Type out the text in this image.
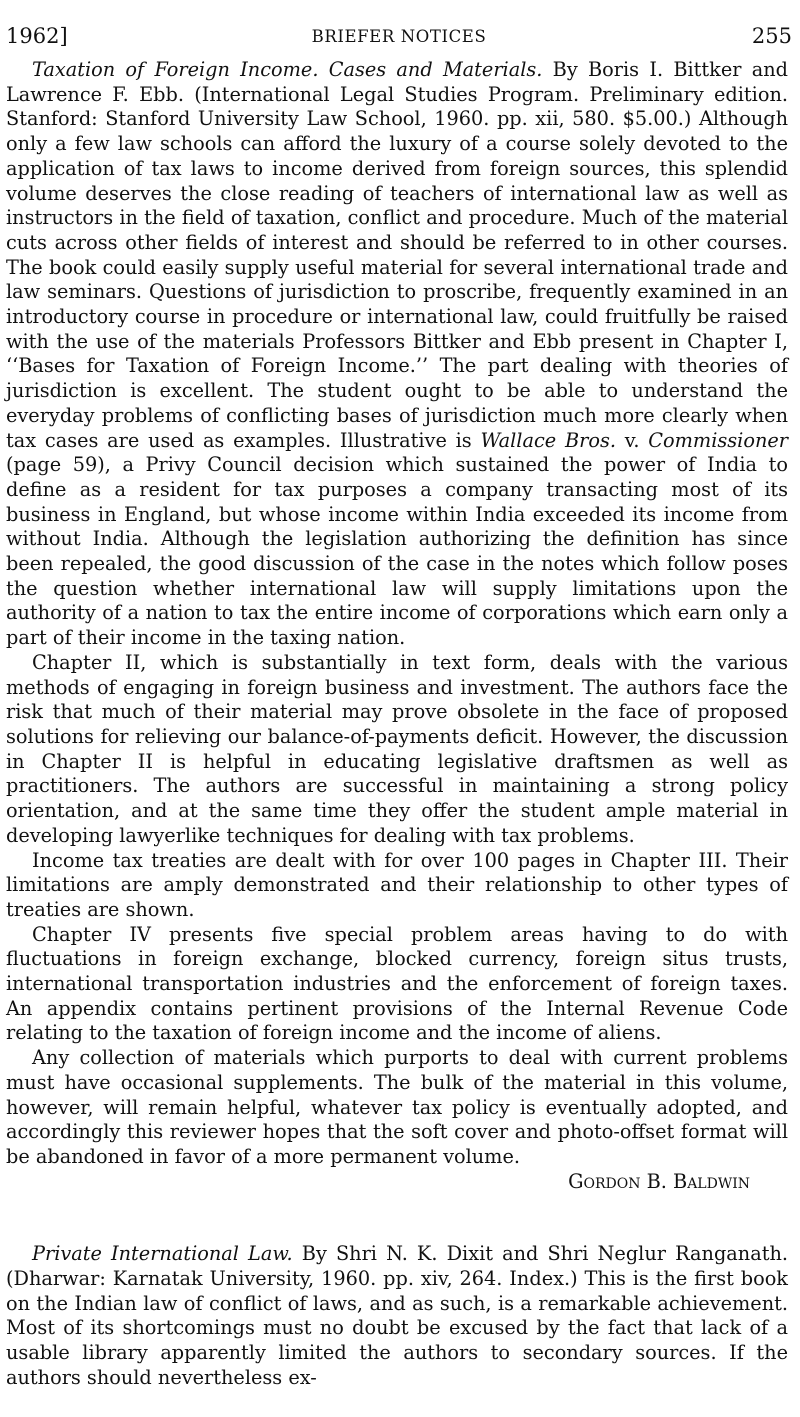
1962]	BRIEFER NOTICES	255

Taxation of Foreign Income. Cases and Materials. By Boris I. Bittker and Lawrence F. Ebb. (International Legal Studies Program. Preliminary edition. Stanford: Stanford University Law School, 1960. pp. xii, 580. $5.00.) Although only a few law schools can afford the luxury of a course solely devoted to the application of tax laws to income derived from foreign sources, this splendid volume deserves the close reading of teachers of international law as well as instructors in the field of taxation, conflict and procedure. Much of the material cuts across other fields of interest and should be referred to in other courses. The book could easily supply useful material for several international trade and law seminars. Questions of jurisdiction to proscribe, frequently examined in an introductory course in procedure or international law, could fruitfully be raised with the use of the materials Professors Bittker and Ebb present in Chapter I, ‘‘Bases for Taxation of Foreign Income.’’ The part dealing with theories of jurisdiction is excellent. The student ought to be able to understand the everyday problems of conflicting bases of jurisdiction much more clearly when tax cases are used as examples. Illustrative is Wallace Bros. v. Commissioner (page 59), a Privy Council decision which sustained the power of India to define as a resident for tax purposes a company transacting most of its business in England, but whose income within India exceeded its income from without India. Although the legislation authorizing the definition has since been repealed, the good discussion of the case in the notes which follow poses the question whether international law will supply limitations upon the authority of a nation to tax the entire income of corporations which earn only a part of their income in the taxing nation.

Chapter II, which is substantially in text form, deals with the various methods of engaging in foreign business and investment. The authors face the risk that much of their material may prove obsolete in the face of proposed solutions for relieving our balance-of-payments deficit. However, the discussion in Chapter II is helpful in educating legislative draftsmen as well as practitioners. The authors are successful in maintaining a strong policy orientation, and at the same time they offer the student ample material in developing lawyerlike techniques for dealing with tax problems.

Income tax treaties are dealt with for over 100 pages in Chapter III. Their limitations are amply demonstrated and their relationship to other types of treaties are shown.

Chapter IV presents five special problem areas having to do with fluctuations in foreign exchange, blocked currency, foreign situs trusts, international transportation industries and the enforcement of foreign taxes. An appendix contains pertinent provisions of the Internal Revenue Code relating to the taxation of foreign income and the income of aliens.

Any collection of materials which purports to deal with current problems must have occasional supplements. The bulk of the material in this volume, however, will remain helpful, whatever tax policy is eventually adopted, and accordingly this reviewer hopes that the soft cover and photo-offset format will be abandoned in favor of a more permanent volume.

Gordon B. Baldwin

Private International Law. By Shri N. K. Dixit and Shri Neglur Ranganath. (Dharwar: Karnatak University, 1960. pp. xiv, 264. Index.) This is the first book on the Indian law of conflict of laws, and as such, is a remarkable achievement. Most of its shortcomings must no doubt be excused by the fact that lack of a usable library apparently limited the authors to secondary sources. If the authors should nevertheless ex-
